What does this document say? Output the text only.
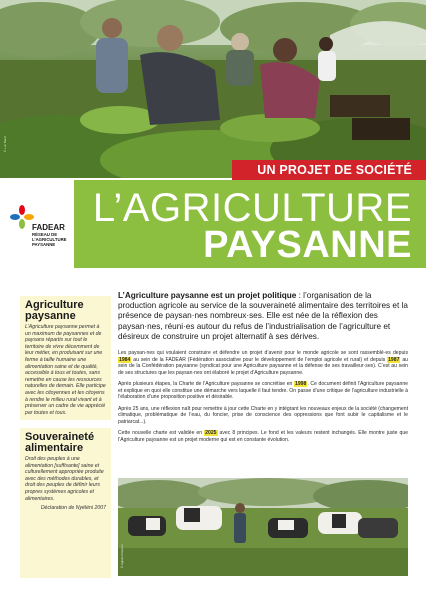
© Luc Biard
UN PROJET DE SOCIÉTÉ
L’AGRICULTURE
PAYSANNE
FADEAR
RÉSEAU DE L’AGRICULTURE PAYSANNE
Agriculture paysanne

L’Agriculture paysanne permet à un maximum de paysannes et de paysans répartis sur tout le territoire de vivre décemment de leur métier, en produisant sur une ferme à taille humaine une alimentation saine et de qualité, accessible à tous et toutes, sans remettre en cause les ressources naturelles de demain. Elle participe avec les citoyennes et les citoyens à rendre le milieu rural vivant et à préserver un cadre de vie apprécié par toutes et tous.

Souveraineté alimentaire

Droit des peuples à une alimentation [suffisante] saine et culturellement appropriée produite avec des méthodes durables, et droit des peuples de définir leurs propres systèmes agricoles et alimentaires.

Déclaration de Nyéléni 2007

L’Agriculture paysanne est un projet politique : l’organisation de la production agricole au service de la souveraineté alimentaire des territoires et la présence de paysan·nes nombreux·ses. Elle est née de la réflexion des paysan·nes, réuni·es autour du refus de l’industrialisation de l’agriculture et désireux de construire un projet alternatif à ses dérives.

Les paysan·nes qui voulaient construire et défendre un projet d’avenir pour le monde agricole se sont rassemblé·es depuis 1984 au sein de la FADEAR (Fédération associative pour le développement de l’emploi agricole et rural) et depuis 1987 au sein de la Confédération paysanne (syndicat pour une Agriculture paysanne et la défense de ses travailleur·ses). C’est au sein de ses structures que les paysan·nes ont élaboré le projet d’Agriculture paysanne.

Après plusieurs étapes, la Charte de l’Agriculture paysanne se concrétise en 1998. Ce document définit l’Agriculture paysanne et explique en quoi elle constitue une démarche vers laquelle il faut tendre. On passe d’une critique de l’agriculture industrielle à l’élaboration d’une proposition positive et désirable.

Après 25 ans, une réflexion naît pour remettre à jour cette Charte en y intégrant les nouveaux enjeux de la société (changement climatique, problématique de l’eau, du foncier, prise de conscience des oppressions que font subir le capitalisme et le patriarcat...).

Cette nouvelle charte est validée en 2025 avec 8 principes. Le fond et les valeurs restent inchangés. Elle montre juste que l’Agriculture paysanne est un projet moderne qui est en constante évolution.

© Agnès Cresson
